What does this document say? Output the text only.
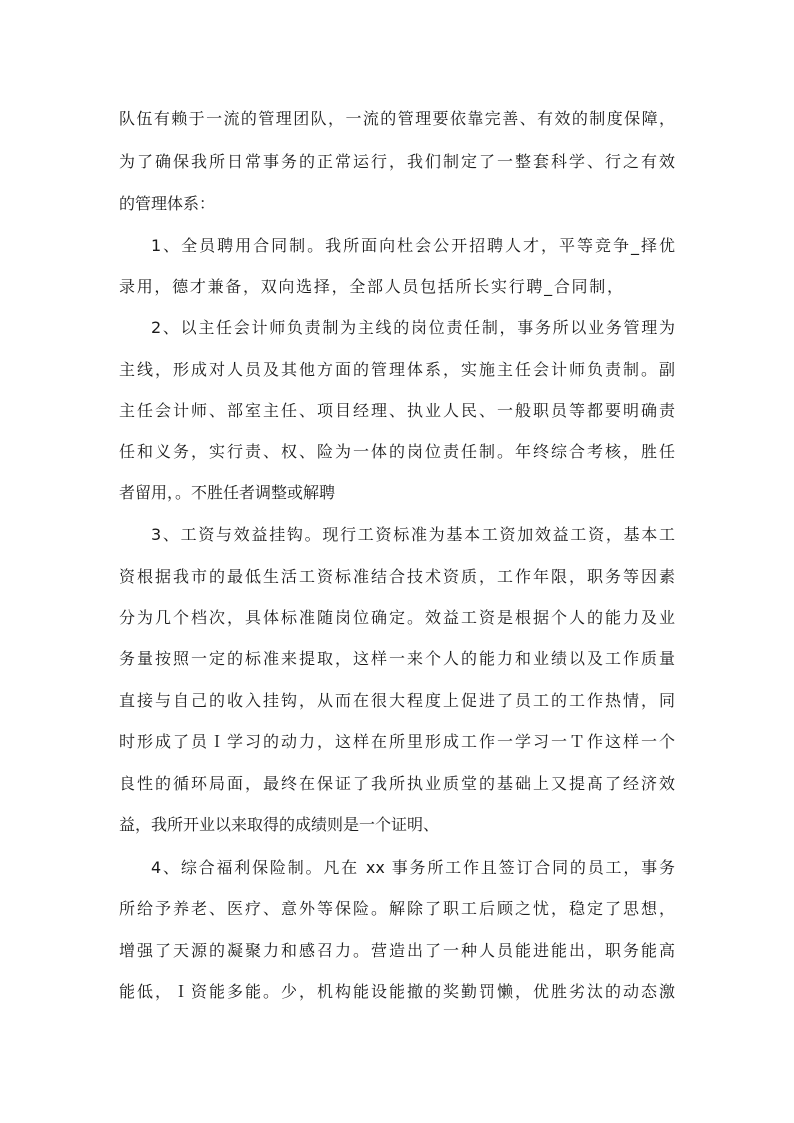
队伍有赖于一流的管理团队，一流的管理要依靠完善、有效的制度保障，
为了确保我所日常事务的正常运行，我们制定了一整套科学、行之有效
的管理体系：
1、全员聘用合同制。我所面向杜会公开招聘人才，平等竞争_择优
录用，德才兼备，双向选择，全部人员包括所长实行聘_合同制，
2、以主任会计师负责制为主线的岗位责任制，事务所以业务管理为
主线，形成对人员及其他方面的管理体系，实施主任会计师负责制。副
主任会计师、部室主任、项目经理、执业人民、一般职员等都要明确责
任和义务，实行责、权、险为一体的岗位责任制。年终综合考核，胜任
者留用，。不胜任者调整或解聘
3、工资与效益挂钩。现行工资标准为基本工资加效益工资，基本工
资根据我市的最低生活工资标准结合技术资质，工作年限，职务等因素
分为几个档次，具体标准随岗位确定。效益工资是根据个人的能力及业
务量按照一定的标准来提取，这样一来个人的能力和业绩以及工作质量
直接与自己的收入挂钩，从而在很大程度上促进了员工的工作热情，同
时形成了员Ｉ学习的动力，这样在所里形成工作一学习一Ｔ作这样一个
良性的循环局面，最终在保证了我所执业质堂的基础上又提髙了经济效
益，我所开业以来取得的成绩则是一个证明、
4、综合福利保险制。凡在 xx 事务所工作且签订合同的员工，事务
所给予养老、医疗、意外等保险。解除了职工后顾之忧，稳定了思想，
增强了天源的凝聚力和感召力。营造出了一种人员能进能出，职务能高
能低，Ｉ资能多能。少，机构能设能撤的奖勤罚懒，优胜劣汰的动态激
